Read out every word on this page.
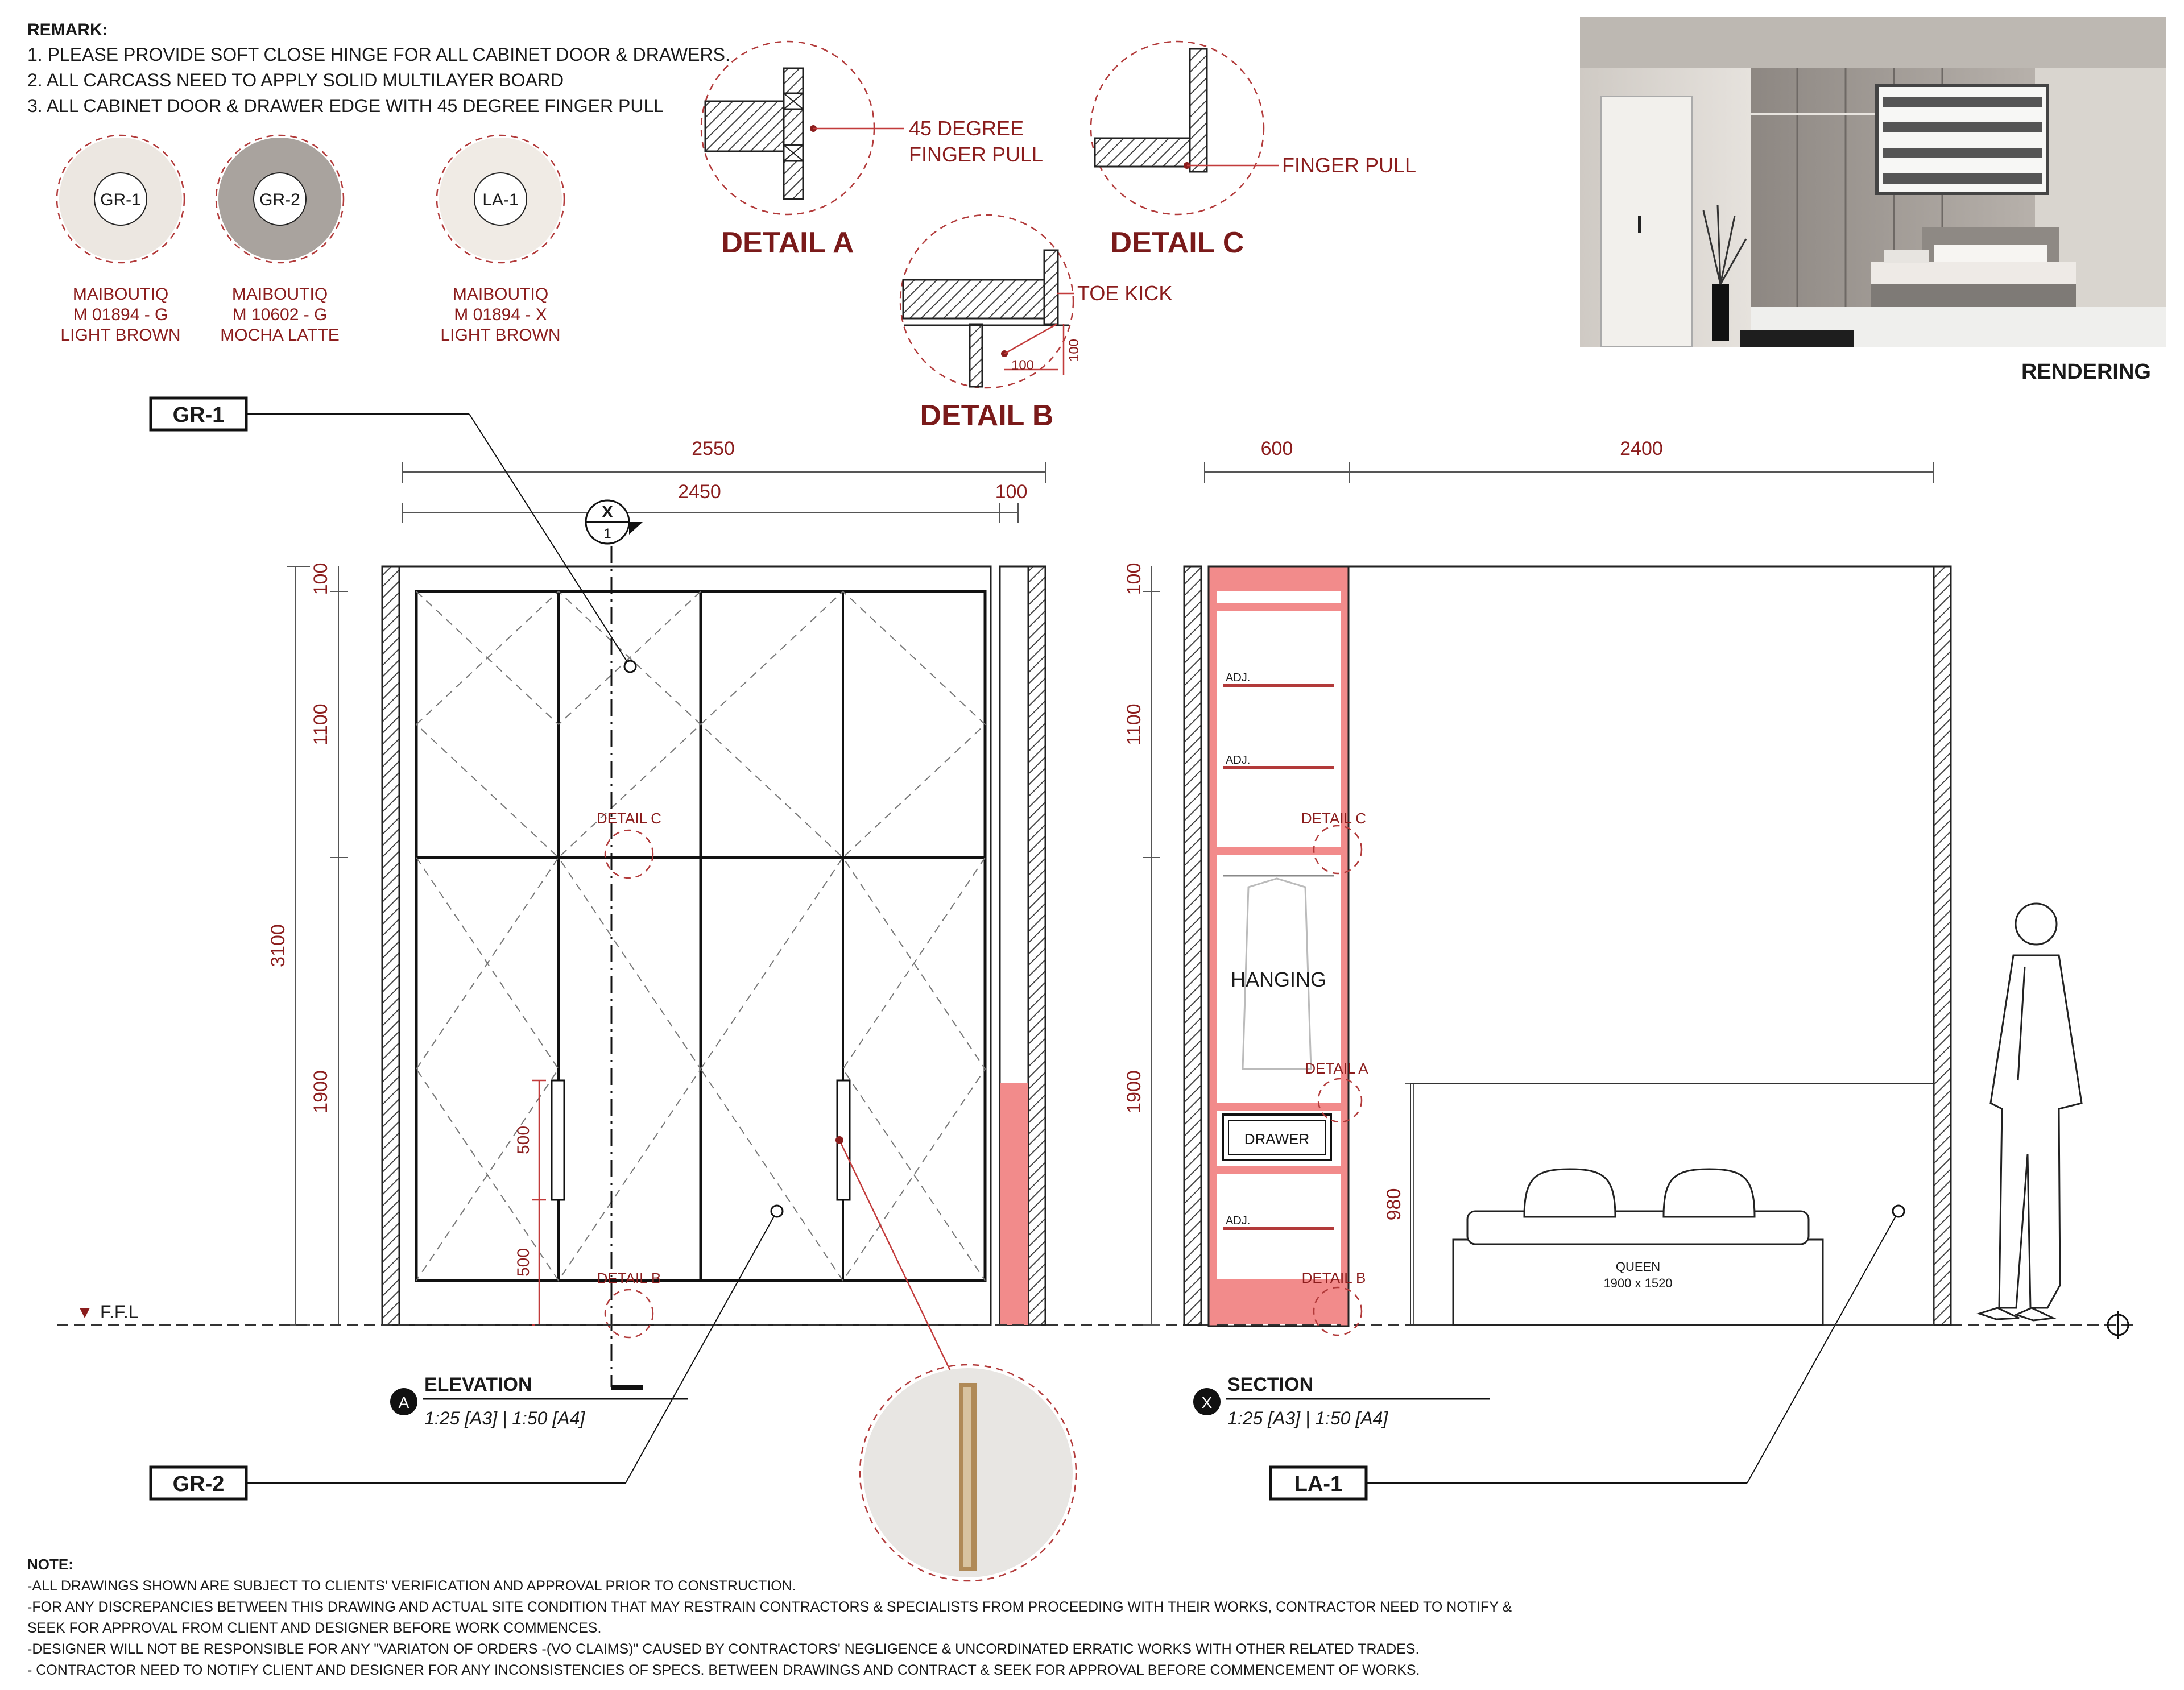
REMARK:
1. PLEASE PROVIDE SOFT CLOSE HINGE FOR ALL CABINET DOOR & DRAWERS.
2. ALL CARCASS NEED TO APPLY SOLID MULTILAYER BOARD
3. ALL CABINET DOOR & DRAWER EDGE WITH 45 DEGREE FINGER PULL
GR-1
MAIBOUTIQ
M 01894 - G
LIGHT BROWN
GR-2
MAIBOUTIQ
M 10602 - G
MOCHA LATTE
LA-1
MAIBOUTIQ
M 01894 - X
LIGHT BROWN
45 DEGREE
FINGER PULL
DETAIL A
FINGER PULL
DETAIL C
TOE KICK
100
100
DETAIL B
RENDERING
2550
2450	100
3100
100
1100
1900
500
500
DETAIL C
DETAIL B
F.F.L
A
ELEVATION
1:25 [A3] | 1:50 [A4]
X
1
GR-1
GR-2	LA-1
600	2400
100
1100
1900
980
ADJ.
ADJ.
ADJ.
HANGING
DRAWER
DETAIL C
DETAIL A
DETAIL B
QUEEN
1900 x 1520
X
SECTION
1:25 [A3] | 1:50 [A4]
NOTE:
-ALL DRAWINGS SHOWN ARE SUBJECT TO CLIENTS' VERIFICATION AND APPROVAL PRIOR TO CONSTRUCTION.
-FOR ANY DISCREPANCIES BETWEEN THIS DRAWING AND ACTUAL SITE CONDITION THAT MAY RESTRAIN CONTRACTORS & SPECIALISTS FROM PROCEEDING WITH THEIR WORKS, CONTRACTOR NEED TO NOTIFY &
SEEK FOR APPROVAL FROM CLIENT AND DESIGNER BEFORE WORK COMMENCES.
-DESIGNER WILL NOT BE RESPONSIBLE FOR ANY "VARIATON OF ORDERS -(VO CLAIMS)" CAUSED BY CONTRACTORS' NEGLIGENCE & UNCORDINATED ERRATIC WORKS WITH OTHER RELATED TRADES.
- CONTRACTOR NEED TO NOTIFY CLIENT AND DESIGNER FOR ANY INCONSISTENCIES OF SPECS. BETWEEN DRAWINGS AND CONTRACT & SEEK FOR APPROVAL BEFORE COMMENCEMENT OF WORKS.
